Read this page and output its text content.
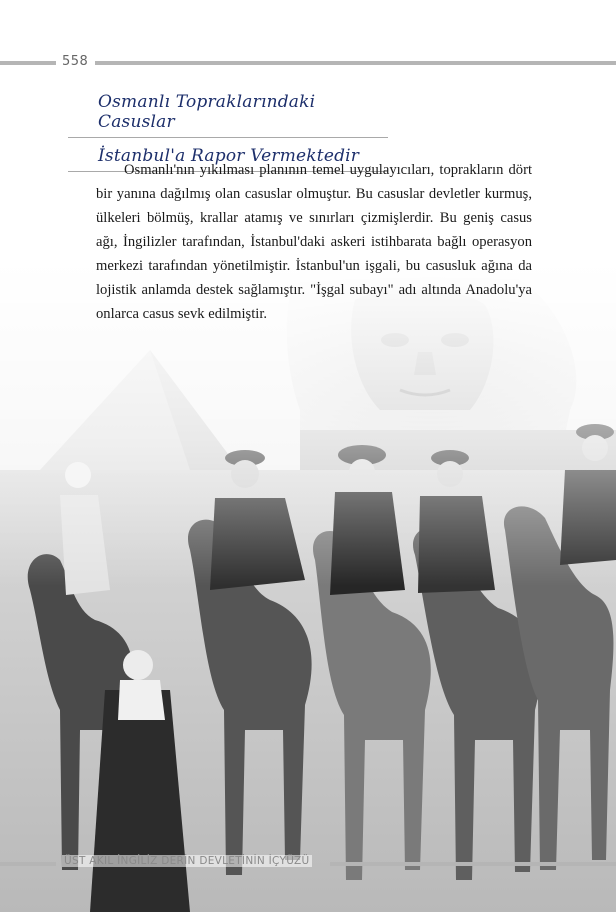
558
Osmanlı Topraklarındaki Casuslar
İstanbul'a Rapor Vermektedir

Osmanlı'nın yıkılması planının temel uygulayıcıları, toprakların dört bir yanına dağılmış olan casuslar olmuştur. Bu casuslar devletler kurmuş, ülkeleri bölmüş, krallar atamış ve sınırları çizmişlerdir. Bu geniş casus ağı, İngilizler tarafından, İstanbul'daki askeri istihbarata bağlı operasyon merkezi tarafından yönetilmiştir. İstanbul'un işgali, bu casusluk ağına da lojistik anlamda destek sağlamıştır. "İşgal subayı" adı altında Anadolu'ya onlarca casus sevk edilmiştir.

ÜST AKIL İNGİLİZ DERİN DEVLETİNİN İÇYÜZÜ
